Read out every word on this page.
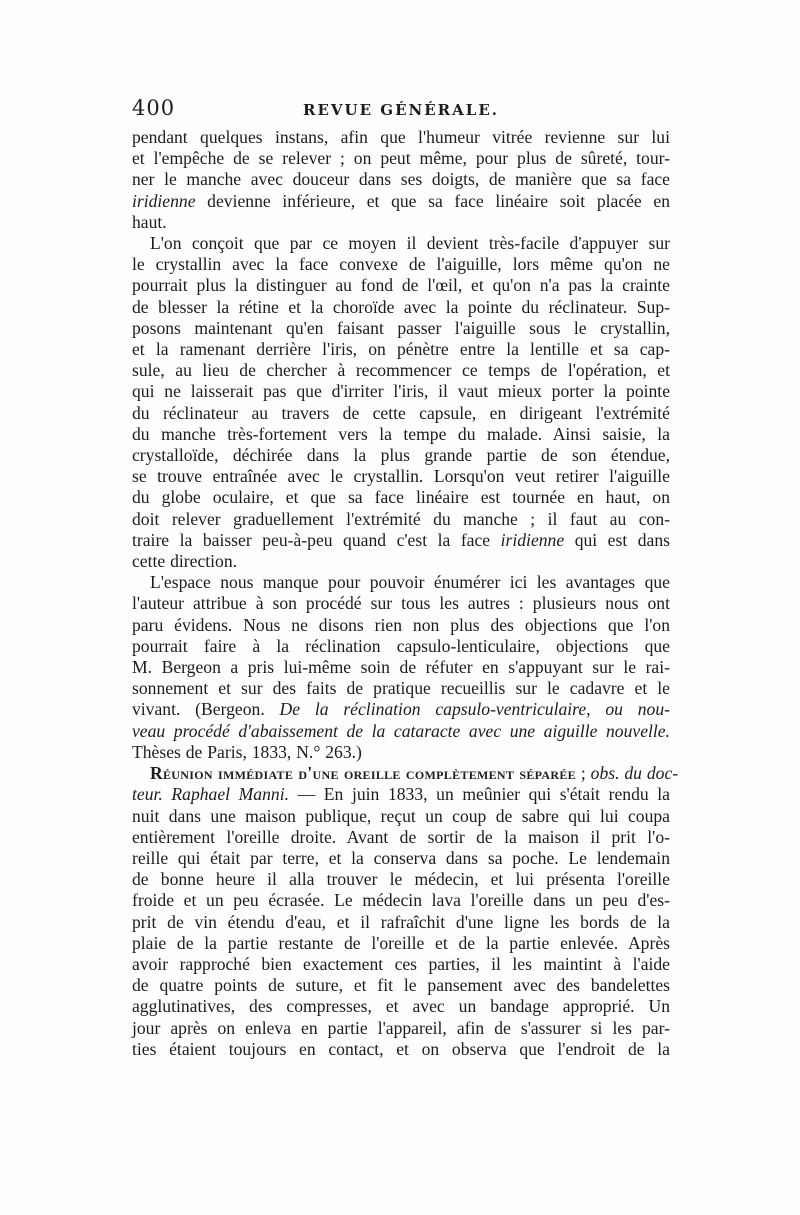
400	REVUE GÉNÉRALE.
pendant quelques instans, afin que l'humeur vitrée revienne sur lui
et l'empêche de se relever ; on peut même, pour plus de sûreté, tour-
ner le manche avec douceur dans ses doigts, de manière que sa face
iridienne devienne inférieure, et que sa face linéaire soit placée en
haut.
L'on conçoit que par ce moyen il devient très-facile d'appuyer sur
le crystallin avec la face convexe de l'aiguille, lors même qu'on ne
pourrait plus la distinguer au fond de l'œil, et qu'on n'a pas la crainte
de blesser la rétine et la choroïde avec la pointe du réclinateur. Sup-
posons maintenant qu'en faisant passer l'aiguille sous le crystallin,
et la ramenant derrière l'iris, on pénètre entre la lentille et sa cap-
sule, au lieu de chercher à recommencer ce temps de l'opération, et
qui ne laisserait pas que d'irriter l'iris, il vaut mieux porter la pointe
du réclinateur au travers de cette capsule, en dirigeant l'extrémité
du manche très-fortement vers la tempe du malade. Ainsi saisie, la
crystalloïde, déchirée dans la plus grande partie de son étendue,
se trouve entraînée avec le crystallin. Lorsqu'on veut retirer l'aiguille
du globe oculaire, et que sa face linéaire est tournée en haut, on
doit relever graduellement l'extrémité du manche ; il faut au con-
traire la baisser peu-à-peu quand c'est la face iridienne qui est dans
cette direction.
L'espace nous manque pour pouvoir énumérer ici les avantages que
l'auteur attribue à son procédé sur tous les autres : plusieurs nous ont
paru évidens. Nous ne disons rien non plus des objections que l'on
pourrait faire à la réclination capsulo-lenticulaire, objections que
M. Bergeon a pris lui-même soin de réfuter en s'appuyant sur le rai-
sonnement et sur des faits de pratique recueillis sur le cadavre et le
vivant. (Bergeon. De la réclination capsulo-ventriculaire, ou nou-
veau procédé d'abaissement de la cataracte avec une aiguille nouvelle.
Thèses de Paris, 1833, N.° 263.)
Réunion immédiate d'une oreille complètement séparée ; obs. du doc-
teur. Raphael Manni. — En juin 1833, un meûnier qui s'était rendu la
nuit dans une maison publique, reçut un coup de sabre qui lui coupa
entièrement l'oreille droite. Avant de sortir de la maison il prit l'o-
reille qui était par terre, et la conserva dans sa poche. Le lendemain
de bonne heure il alla trouver le médecin, et lui présenta l'oreille
froide et un peu écrasée. Le médecin lava l'oreille dans un peu d'es-
prit de vin étendu d'eau, et il rafraîchit d'une ligne les bords de la
plaie de la partie restante de l'oreille et de la partie enlevée. Après
avoir rapproché bien exactement ces parties, il les maintint à l'aide
de quatre points de suture, et fit le pansement avec des bandelettes
agglutinatives, des compresses, et avec un bandage approprié. Un
jour après on enleva en partie l'appareil, afin de s'assurer si les par-
ties étaient toujours en contact, et on observa que l'endroit de la
